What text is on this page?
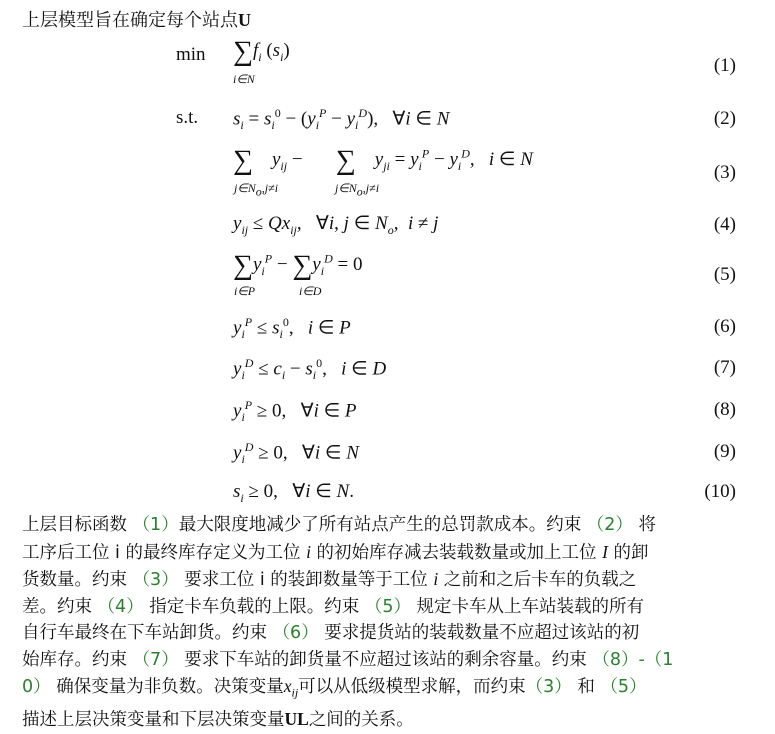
上层模型旨在确定每个站点U
min
s.t.
$\sum f_i$ $(s_i)$
i∈N
(1)
$s_i = s_i^0 - (y_i^P - y_i^D)$, ∀i ∈ N	(2)
∑    $y_{ij}$ − ∑    $y_{ji} = y_i^P - y_i^D$,   i ∈ N
$j\in N_o,j\ne i$	$j\in N_o,j\ne i$
(3)
$y_{ij} \le Qx_{ij}$, ∀i, j ∈ $N_o$,  i ≠ j	(4)
$\sum y_i^P - \sum y_i^D = 0$
i∈P	i∈D
(5)
$y_i^P \le s_i^0$,   i ∈ P	(6)
$y_i^D \le c_i - s_i^0$,   i ∈ D	(7)
$y_i^P \ge 0$, ∀i ∈ P	(8)
$y_i^D \ge 0$, ∀i ∈ N	(9)
$s_i \ge 0$, ∀i ∈ N.	(10)
上层目标函数 （1）最大限度地减少了所有站点产生的总罚款成本。约束 （2） 将
工序后工位 i 的最终库存定义为工位 i 的初始库存减去装载数量或加上工位 I 的卸
货数量。约束 （3） 要求工位 i 的装卸数量等于工位 i 之前和之后卡车的负载之
差。约束 （4） 指定卡车负载的上限。约束 （5） 规定卡车从上车站装载的所有
自行车最终在下车站卸货。约束 （6） 要求提货站的装载数量不应超过该站的初
始库存。约束 （7） 要求下车站的卸货量不应超过该站的剩余容量。约束 （8）-（1
0） 确保变量为非负数。决策变量$x_{ij}$可以从低级模型求解，而约束（3） 和 （5）
描述上层决策变量和下层决策变量UL之间的关系。
